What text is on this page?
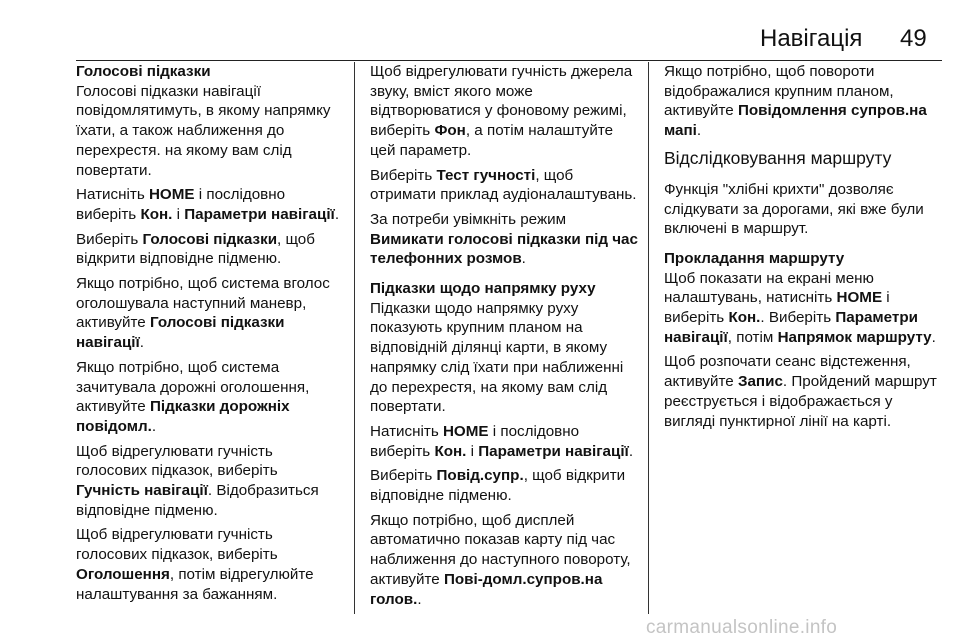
Навігація 49
Голосові підказки

Голосові підказки навігації повідомлятимуть, в якому напрямку їхати, а також наближення до перехрестя. на якому вам слід повертати.

Натисніть HOME і послідовно виберіть Кон. і Параметри навігації.

Виберіть Голосові підказки, щоб відкрити відповідне підменю.

Якщо потрібно, щоб система вголос оголошувала наступний маневр, активуйте Голосові підказки навігації.

Якщо потрібно, щоб система зачитувала дорожні оголошення, активуйте Підказки дорожніх повідомл..

Щоб відрегулювати гучність голосових підказок, виберіть Гучність навігації. Відобразиться відповідне підменю.

Щоб відрегулювати гучність голосових підказок, виберіть Оголошення, потім відрегулюйте налаштування за бажанням.

Щоб відрегулювати гучність джерела звуку, вміст якого може відтворюватися у фоновому режимі, виберіть Фон, а потім налаштуйте цей параметр.

Виберіть Тест гучності, щоб отримати приклад аудіоналаштувань.

За потреби увімкніть режим Вимикати голосові підказки під час телефонних розмов.

Підказки щодо напрямку руху

Підказки щодо напрямку руху показують крупним планом на відповідній ділянці карти, в якому напрямку слід їхати при наближенні до перехрестя, на якому вам слід повертати.

Натисніть HOME і послідовно виберіть Кон. і Параметри навігації.

Виберіть Повід.супр., щоб відкрити відповідне підменю.

Якщо потрібно, щоб дисплей автоматично показав карту під час наближення до наступного повороту, активуйте Пові-домл.супров.на голов..

Якщо потрібно, щоб повороти відображалися крупним планом, активуйте Повідомлення супров.на мапі.

Відслідковування маршруту

Функція "хлібні крихти" дозволяє слідкувати за дорогами, які вже були включені в маршрут.

Прокладання маршруту

Щоб показати на екрані меню налаштувань, натисніть HOME і виберіть Кон.. Виберіть Параметри навігації, потім Напрямок маршруту.

Щоб розпочати сеанс відстеження, активуйте Запис. Пройдений маршрут реєструється і відображається у вигляді пунктирної лінії на карті.

carmanualsonline.info
